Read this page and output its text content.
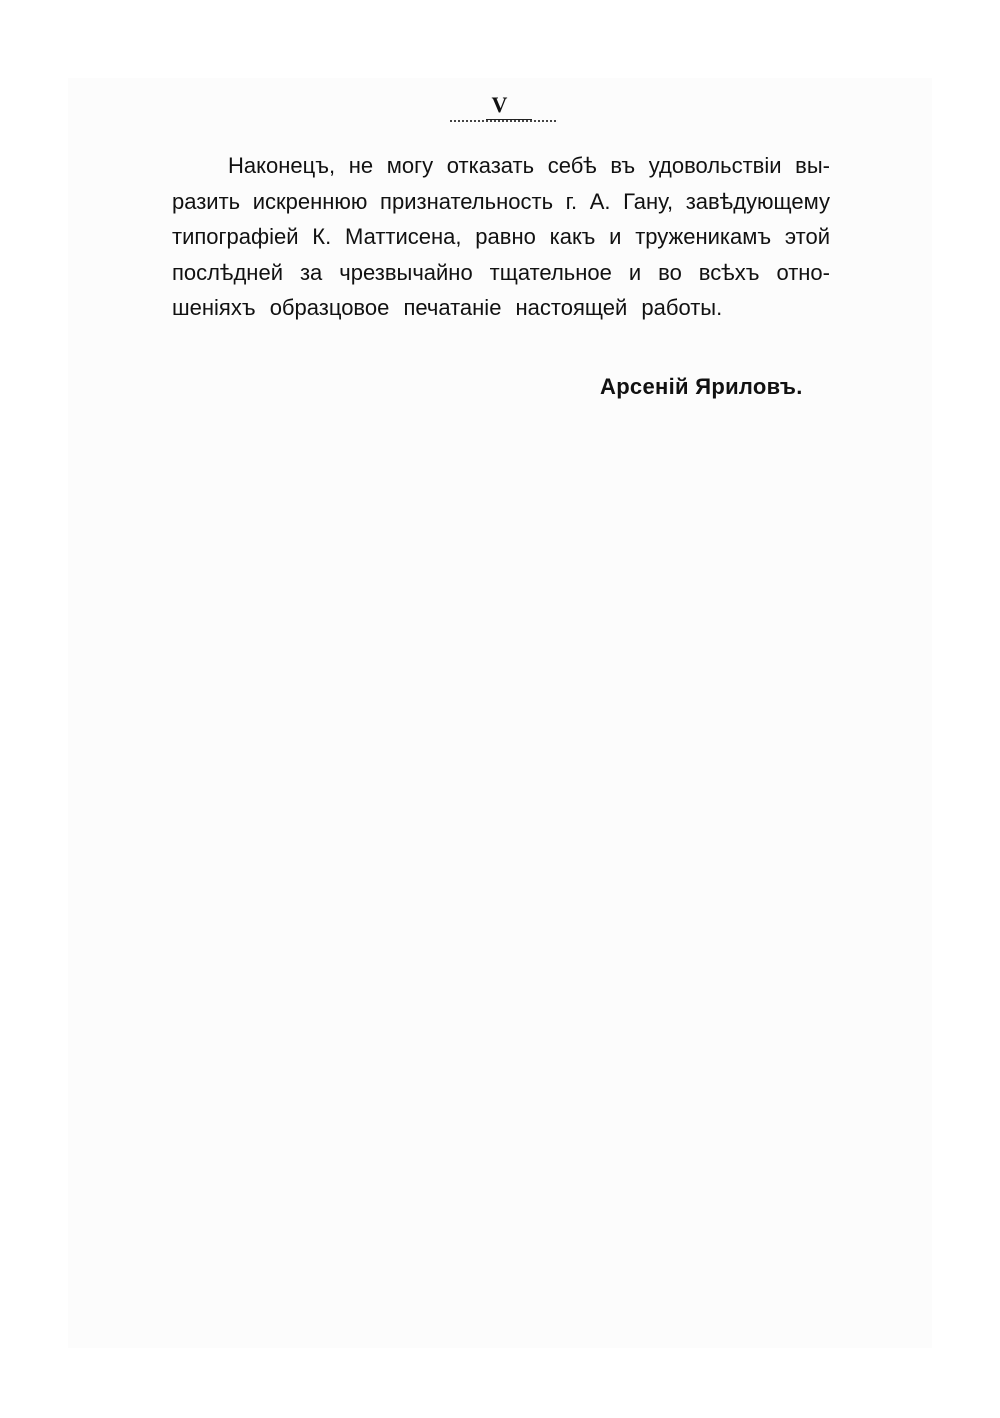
V
Наконецъ, не могу отказать себѣ въ удовольствіи вы-
разить искреннюю признательность г. А. Гану, завѣдующему
типографіей К. Маттисена, равно какъ и труженикамъ этой
послѣдней за чрезвычайно тщательное и во всѣхъ отно-
шеніяхъ образцовое печатаніе настоящей работы.
Арсеній Яриловъ.
